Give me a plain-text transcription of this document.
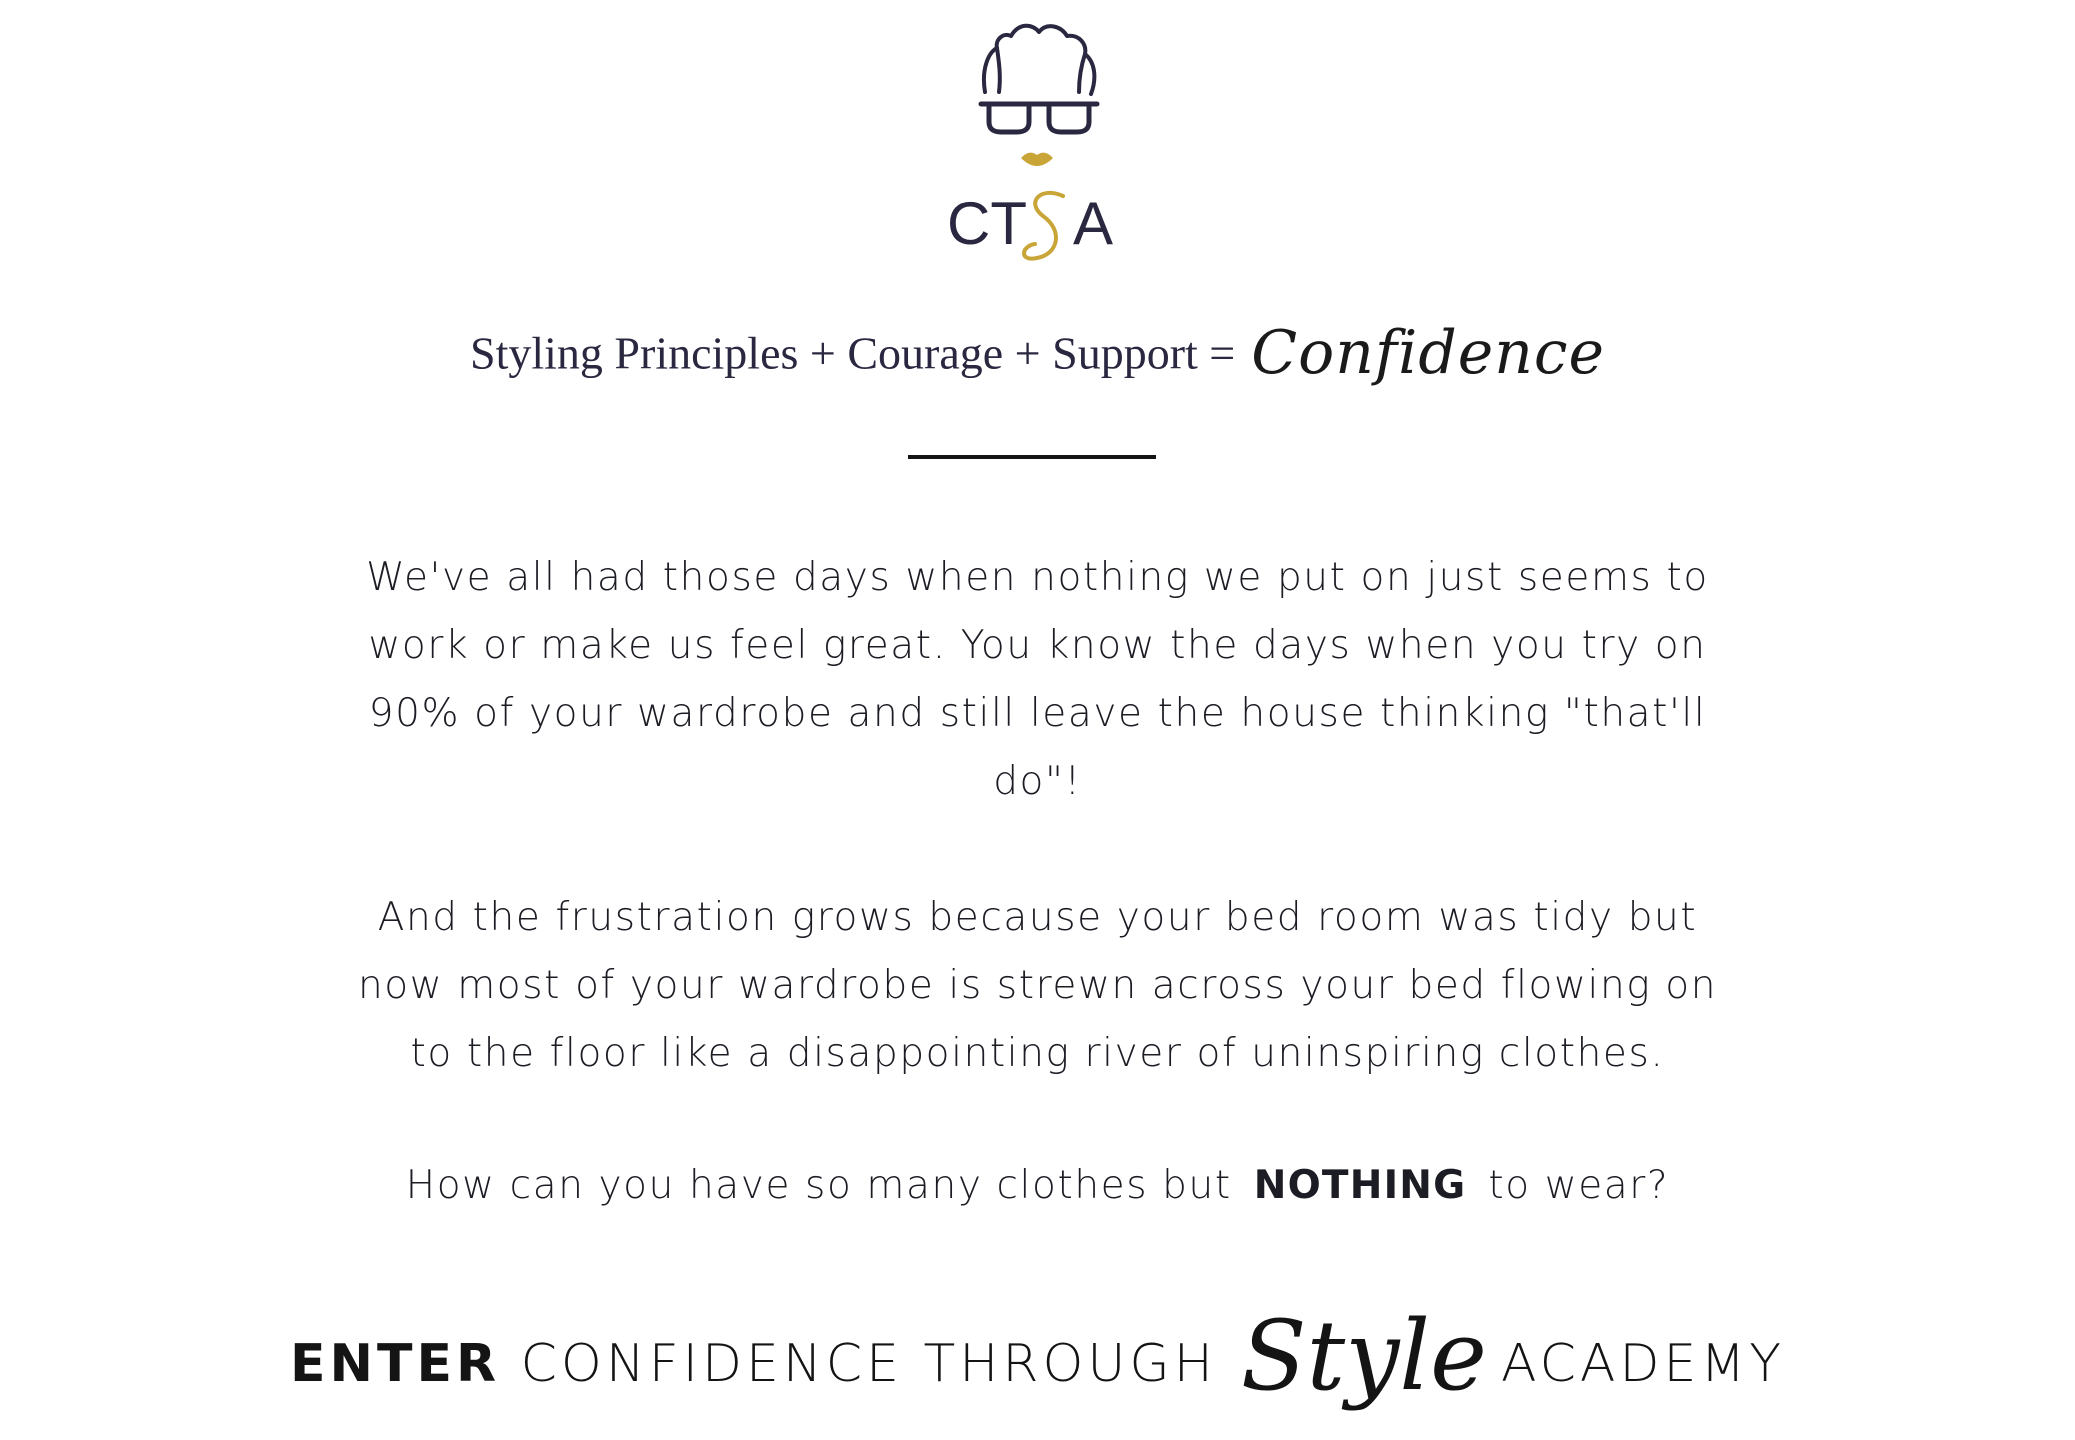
CT A
Styling Principles + Courage + Support = Confidence

We've all had those days when nothing we put on just seems to work or make us feel great. You know the days when you try on 90% of your wardrobe and still leave the house thinking "that'll do"!

And the frustration grows because your bed room was tidy but now most of your wardrobe is strewn across your bed flowing on to the floor like a disappointing river of uninspiring clothes.

How can you have so many clothes but NOTHING to wear?

ENTER CONFIDENCE THROUGH Style ACADEMY
